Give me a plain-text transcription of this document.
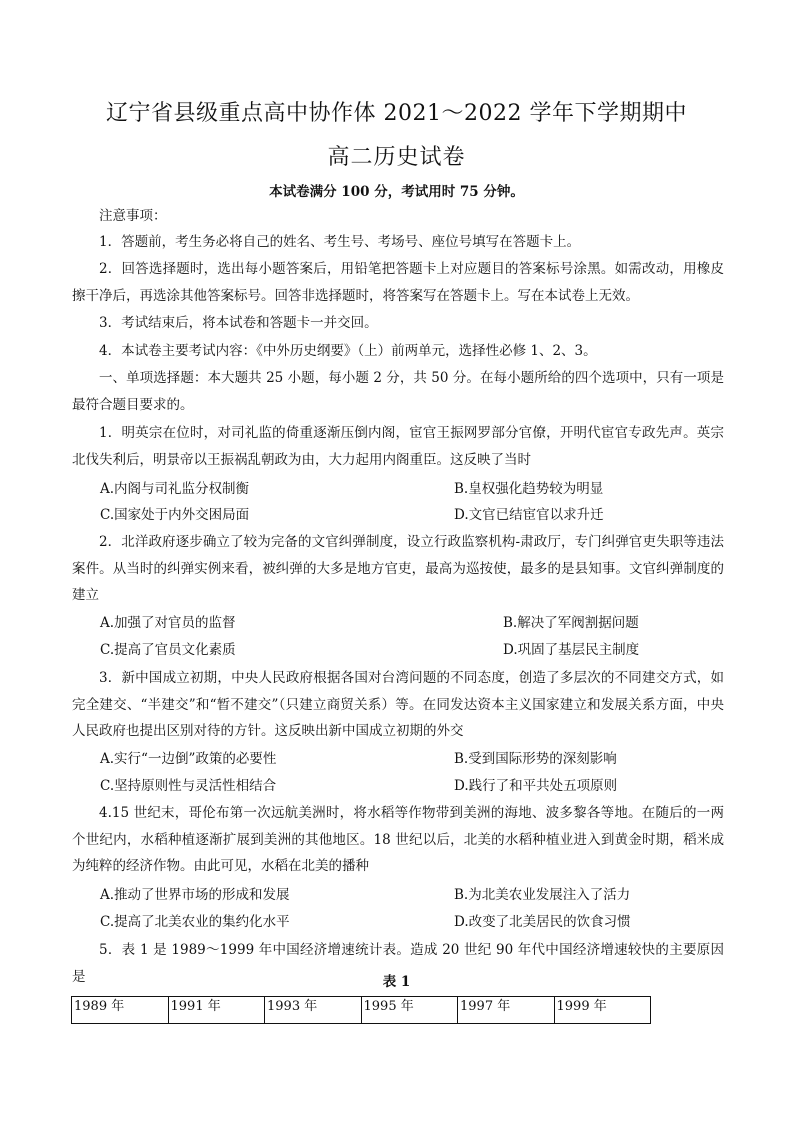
辽宁省县级重点高中协作体 2021～2022 学年下学期期中
高二历史试卷
本试卷满分 100 分，考试用时 75 分钟。
注意事项：
1．答题前，考生务必将自己的姓名、考生号、考场号、座位号填写在答题卡上。
2．回答选择题时，选出每小题答案后，用铅笔把答题卡上对应题目的答案标号涂黑。如需改动，用橡皮擦干净后，再选涂其他答案标号。回答非选择题时，将答案写在答题卡上。写在本试卷上无效。
3．考试结束后，将本试卷和答题卡一并交回。
4．本试卷主要考试内容：《中外历史纲要》（上）前两单元，选择性必修 1、2、3。
一、单项选择题：本大题共 25 小题，每小题 2 分，共 50 分。在每小题所给的四个选项中，只有一项是最符合题目要求的。
1．明英宗在位时，对司礼监的倚重逐渐压倒内阁，宦官王振网罗部分官僚，开明代宦官专政先声。英宗北伐失利后，明景帝以王振祸乱朝政为由，大力起用内阁重臣。这反映了当时
A.内阁与司礼监分权制衡	B.皇权强化趋势较为明显
C.国家处于内外交困局面	D.文官已结宦官以求升迁
2．北洋政府逐步确立了较为完备的文官纠弹制度，设立行政监察机构-肃政厅，专门纠弹官吏失职等违法案件。从当时的纠弹实例来看，被纠弹的大多是地方官吏，最高为巡按使，最多的是县知事。文官纠弹制度的建立
A.加强了对官员的监督	B.解决了军阀割据问题
C.提高了官员文化素质	D.巩固了基层民主制度
3．新中国成立初期，中央人民政府根据各国对台湾问题的不同态度，创造了多层次的不同建交方式，如完全建交、“半建交”和“暂不建交”（只建立商贸关系）等。在同发达资本主义国家建立和发展关系方面，中央人民政府也提出区别对待的方针。这反映出新中国成立初期的外交
A.实行“一边倒”政策的必要性	B.受到国际形势的深刻影响
C.坚持原则性与灵活性相结合	D.践行了和平共处五项原则
4.15 世纪末，哥伦布第一次远航美洲时，将水稻等作物带到美洲的海地、波多黎各等地。在随后的一两个世纪内，水稻种植逐渐扩展到美洲的其他地区。18 世纪以后，北美的水稻种植业进入到黄金时期，稻米成为纯粹的经济作物。由此可见，水稻在北美的播种
A.推动了世界市场的形成和发展	B.为北美农业发展注入了活力
C.提高了北美农业的集约化水平	D.改变了北美居民的饮食习惯
5．表 1 是 1989～1999 年中国经济增速统计表。造成 20 世纪 90 年代中国经济增速较快的主要原因是	表 1
1989 年	1991 年	1993 年	1995 年	1997 年	1999 年
